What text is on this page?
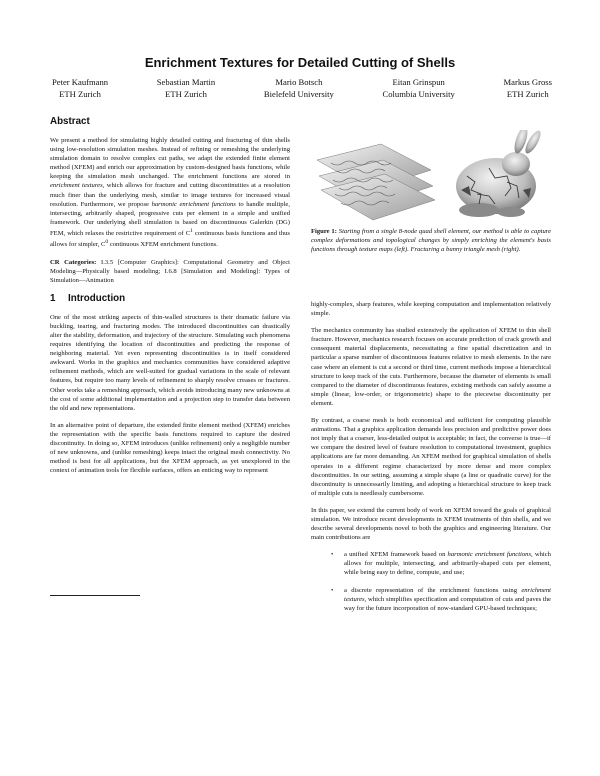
Enrichment Textures for Detailed Cutting of Shells
Peter Kaufmann
ETH Zurich
Sebastian Martin
ETH Zurich
Mario Botsch
Bielefeld University
Eitan Grinspun
Columbia University
Markus Gross
ETH Zurich
Abstract

We present a method for simulating highly detailed cutting and fracturing of thin shells using low-resolution simulation meshes. Instead of refining or remeshing the underlying simulation domain to resolve complex cut paths, we adapt the extended finite element method (XFEM) and enrich our approximation by custom-designed basis functions, while keeping the simulation mesh unchanged. The enrichment functions are stored in enrichment textures, which allows for fracture and cutting discontinuities at a resolution much finer than the underlying mesh, similar to image textures for increased visual resolution. Furthermore, we propose harmonic enrichment functions to handle multiple, intersecting, arbitrarily shaped, progressive cuts per element in a simple and unified framework. Our underlying shell simulation is based on discontinuous Galerkin (DG) FEM, which relaxes the restrictive requirement of $C^1$ continuous basis functions and thus allows for simpler, $C^0$ continuous XFEM enrichment functions.

CR Categories: I.3.5 [Computer Graphics]: Computational Geometry and Object Modeling—Physically based modeling; I.6.8 [Simulation and Modeling]: Types of Simulation—Animation

1 Introduction

One of the most striking aspects of thin-walled structures is their dramatic failure via buckling, tearing, and fracturing modes. The introduced discontinuities can drastically alter the stability, deformation, and trajectory of the structure. Simulating such phenomena requires identifying the location of discontinuities and predicting the response of neighboring material. Yet even representing discontinuities is in itself considered awkward. Works in the graphics and mechanics communities have considered adaptive refinement methods, which are well-suited for gradual variations in the scale of relevant features, but require too many levels of refinement to sharply resolve creases or fractures. Other works take a remeshing approach, which avoids introducing many new unknowns at the cost of some additional implementation and a projection step to transfer data between the old and new representations.

In an alternative point of departure, the extended finite element method (XFEM) enriches the representation with the specific basis functions required to capture the desired discontinuity. In doing so, XFEM introduces (unlike refinement) only a negligible number of new unknowns, and (unlike remeshing) keeps intact the original mesh connectivity. No method is best for all applications, but the XFEM approach, as yet unexplored in the context of animation tools for flexible surfaces, offers an enticing way to represent

Figure 1: Starting from a single 8-node quad shell element, our method is able to capture complex deformations and topological changes by simply enriching the element's basis functions through texture maps (left). Fracturing a bunny triangle mesh (right).

highly-complex, sharp features, while keeping computation and implementation relatively simple.

The mechanics community has studied extensively the application of XFEM to thin shell fracture. However, mechanics research focuses on accurate prediction of crack growth and consequent material displacements, necessitating a fine spatial discretization and in particular a sparse number of discontinuous features relative to mesh elements. In the rare case where an element is cut a second or third time, current methods impose a hierarchical structure to keep track of the cuts. Furthermore, because the diameter of elements is small compared to the diameter of discontinuous features, existing methods can safely assume a simple (linear, low-order, or trigonometric) shape to the piecewise discontinuity per element.

By contrast, a coarse mesh is both economical and sufficient for computing plausible animations. That a graphics application demands less precision and predictive power does not imply that a coarser, less-detailed output is acceptable; in fact, the converse is true—if we compare the desired level of feature resolution to computational investment, graphics applications are far more demanding. An XFEM method for graphical simulation of shells operates in a different regime characterized by more dense and more complex discontinuities. In our setting, assuming a simple shape (a line or quadratic curve) for the discontinuity is unnecessarily limiting, and adopting a hierarchical structure to keep track of multiple cuts is needlessly cumbersome.

In this paper, we extend the current body of work on XFEM toward the goals of graphical simulation. We introduce recent developments in XFEM treatments of thin shells, and we describe several developments novel to both the graphics and engineering literature. Our main contributions are

• a unified XFEM framework based on harmonic enrichment functions, which allows for multiple, intersecting, and arbitrarily-shaped cuts per element, while being easy to define, compute, and use;
• a discrete representation of the enrichment functions using enrichment textures, which simplifies specification and computation of cuts and paves the way for the future incorporation of now-standard GPU-based techniques;
